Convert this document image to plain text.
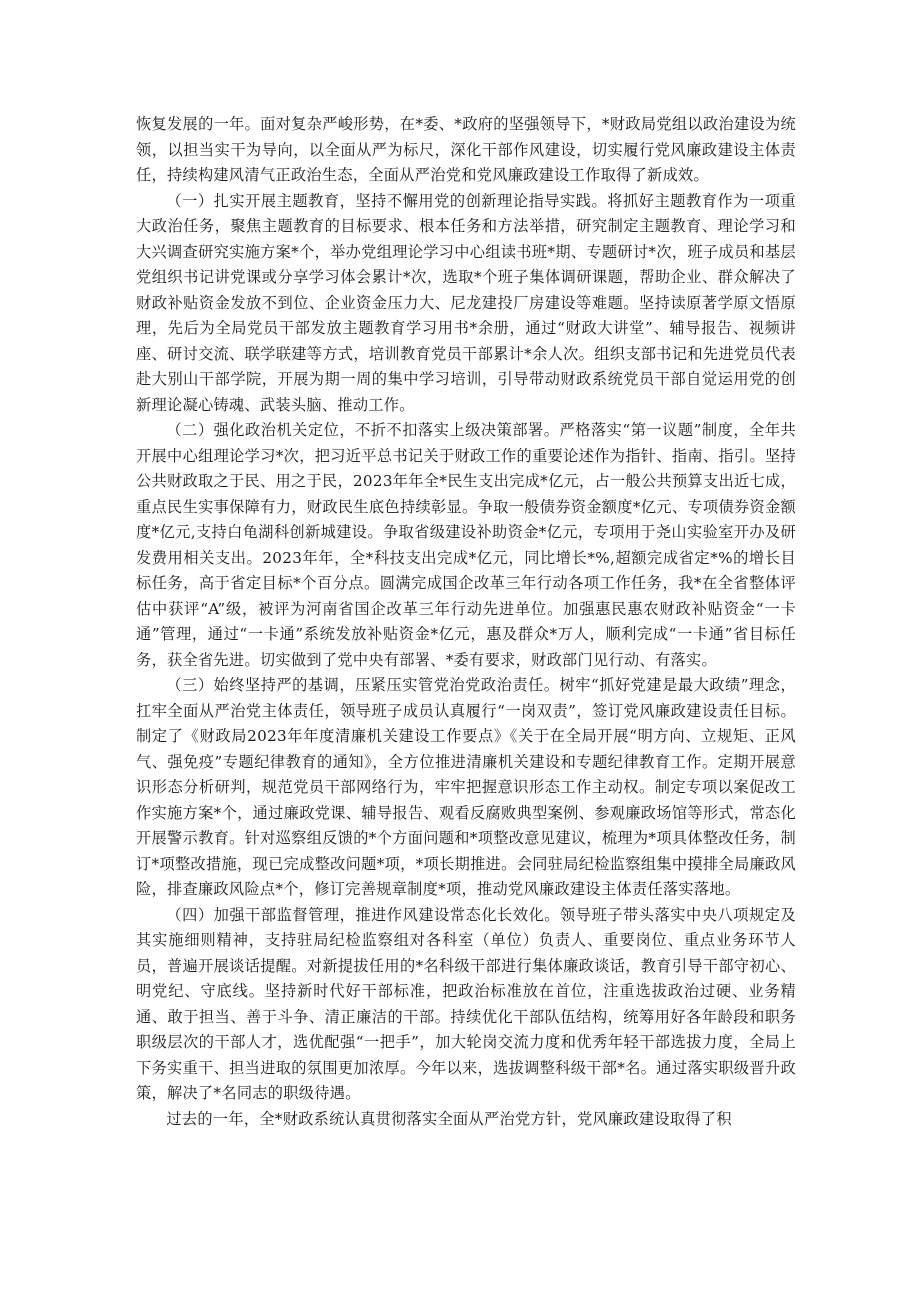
恢复发展的一年。面对复杂严峻形势，在*委、*政府的坚强领导下，*财政局党组以政治建设为统领，以担当实干为导向，以全面从严为标尺，深化干部作风建设，切实履行党风廉政建设主体责任，持续构建风清气正政治生态，全面从严治党和党风廉政建设工作取得了新成效。

（一）扎实开展主题教育，坚持不懈用党的创新理论指导实践。将抓好主题教育作为一项重大政治任务，聚焦主题教育的目标要求、根本任务和方法举措，研究制定主题教育、理论学习和大兴调查研究实施方案*个，举办党组理论学习中心组读书班*期、专题研讨*次，班子成员和基层党组织书记讲党课或分享学习体会累计*次，选取*个班子集体调研课题，帮助企业、群众解决了财政补贴资金发放不到位、企业资金压力大、尼龙建投厂房建设等难题。坚持读原著学原文悟原理，先后为全局党员干部发放主题教育学习用书*余册，通过“财政大讲堂”、辅导报告、视频讲座、研讨交流、联学联建等方式，培训教育党员干部累计*余人次。组织支部书记和先进党员代表赴大别山干部学院，开展为期一周的集中学习培训，引导带动财政系统党员干部自觉运用党的创新理论凝心铸魂、武装头脑、推动工作。

（二）强化政治机关定位，不折不扣落实上级决策部署。严格落实“第一议题”制度，全年共开展中心组理论学习*次，把习近平总书记关于财政工作的重要论述作为指针、指南、指引。坚持公共财政取之于民、用之于民，2023年年全*民生支出完成*亿元，占一般公共预算支出近七成，重点民生实事保障有力，财政民生底色持续彰显。争取一般债券资金额度*亿元、专项债券资金额度*亿元,支持白龟湖科创新城建设。争取省级建设补助资金*亿元，专项用于尧山实验室开办及研发费用相关支出。2023年年，全*科技支出完成*亿元，同比增长*%,超额完成省定*%的增长目标任务，高于省定目标*个百分点。圆满完成国企改革三年行动各项工作任务，我*在全省整体评估中获评“A”级，被评为河南省国企改革三年行动先进单位。加强惠民惠农财政补贴资金“一卡通”管理，通过“一卡通”系统发放补贴资金*亿元，惠及群众*万人，顺利完成“一卡通”省目标任务，获全省先进。切实做到了党中央有部署、*委有要求，财政部门见行动、有落实。

（三）始终坚持严的基调，压紧压实管党治党政治责任。树牢“抓好党建是最大政绩”理念，扛牢全面从严治党主体责任，领导班子成员认真履行“一岗双责”，签订党风廉政建设责任目标。制定了《财政局2023年年度清廉机关建设工作要点》《关于在全局开展“明方向、立规矩、正风气、强免疫”专题纪律教育的通知》，全方位推进清廉机关建设和专题纪律教育工作。定期开展意识形态分析研判，规范党员干部网络行为，牢牢把握意识形态工作主动权。制定专项以案促改工作实施方案*个，通过廉政党课、辅导报告、观看反腐败典型案例、参观廉政场馆等形式，常态化开展警示教育。针对巡察组反馈的*个方面问题和*项整改意见建议，梳理为*项具体整改任务，制订*项整改措施，现已完成整改问题*项，*项长期推进。会同驻局纪检监察组集中摸排全局廉政风险，排查廉政风险点*个，修订完善规章制度*项，推动党风廉政建设主体责任落实落地。

（四）加强干部监督管理，推进作风建设常态化长效化。领导班子带头落实中央八项规定及其实施细则精神，支持驻局纪检监察组对各科室（单位）负责人、重要岗位、重点业务环节人员，普遍开展谈话提醒。对新提拔任用的*名科级干部进行集体廉政谈话，教育引导干部守初心、明党纪、守底线。坚持新时代好干部标准，把政治标准放在首位，注重选拔政治过硬、业务精通、敢于担当、善于斗争、清正廉洁的干部。持续优化干部队伍结构，统筹用好各年龄段和职务职级层次的干部人才，选优配强“一把手”，加大轮岗交流力度和优秀年轻干部选拔力度，全局上下务实重干、担当进取的氛围更加浓厚。今年以来，选拔调整科级干部*名。通过落实职级晋升政策，解决了*名同志的职级待遇。

过去的一年，全*财政系统认真贯彻落实全面从严治党方针，党风廉政建设取得了积
